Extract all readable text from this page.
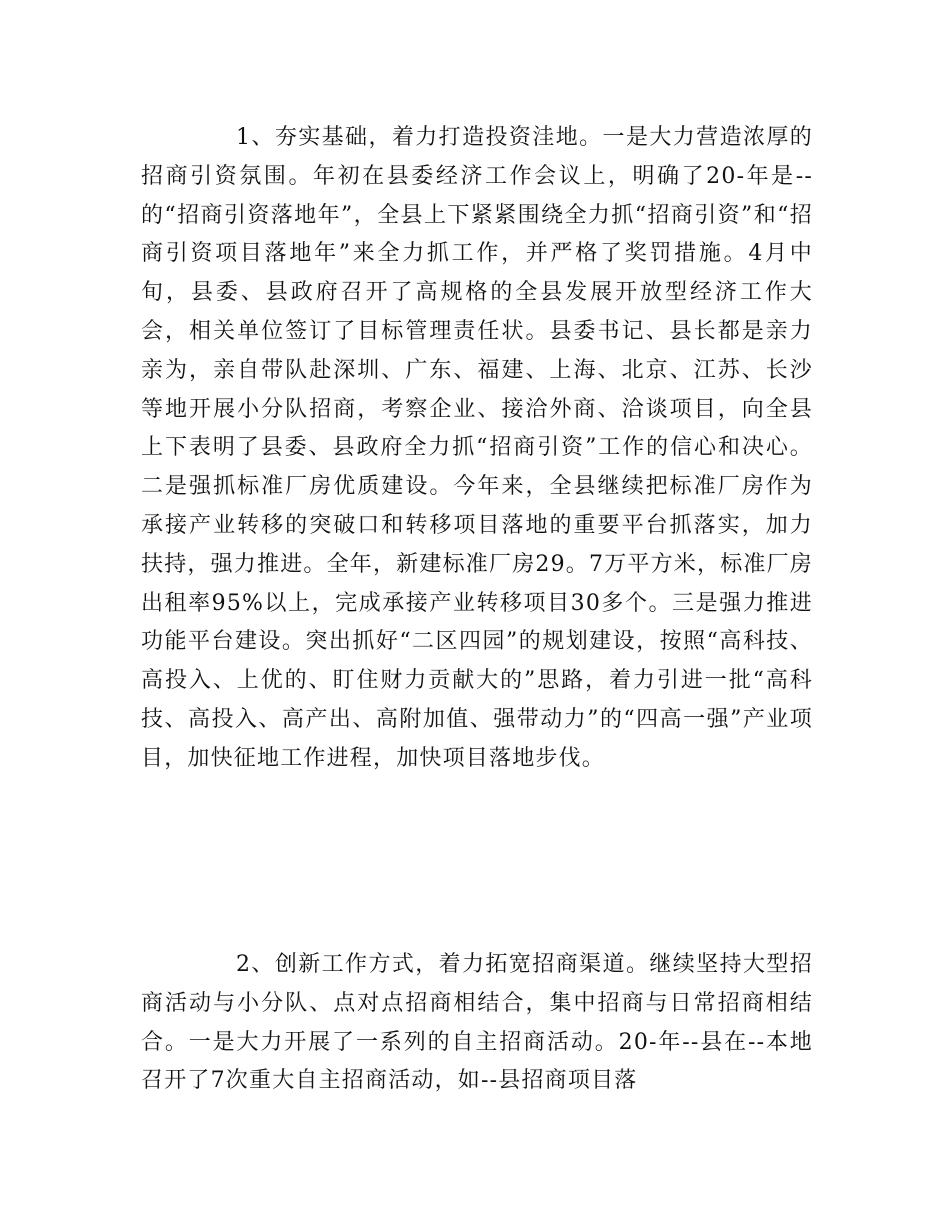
1、夯实基础，着力打造投资洼地。一是大力营造浓厚的招商引资氛围。年初在县委经济工作会议上，明确了20-年是--的“招商引资落地年”，全县上下紧紧围绕全力抓“招商引资”和“招商引资项目落地年”来全力抓工作，并严格了奖罚措施。4月中旬，县委、县政府召开了高规格的全县发展开放型经济工作大会，相关单位签订了目标管理责任状。县委书记、县长都是亲力亲为，亲自带队赴深圳、广东、福建、上海、北京、江苏、长沙等地开展小分队招商，考察企业、接洽外商、洽谈项目，向全县上下表明了县委、县政府全力抓“招商引资”工作的信心和决心。二是强抓标准厂房优质建设。今年来，全县继续把标准厂房作为承接产业转移的突破口和转移项目落地的重要平台抓落实，加力扶持，强力推进。全年，新建标准厂房29。7万平方米，标准厂房出租率95%以上，完成承接产业转移项目30多个。三是强力推进功能平台建设。突出抓好“二区四园”的规划建设，按照“高科技、高投入、上优的、盯住财力贡献大的”思路，着力引进一批“高科技、高投入、高产出、高附加值、强带动力”的“四高一强”产业项目，加快征地工作进程，加快项目落地步伐。

2、创新工作方式，着力拓宽招商渠道。继续坚持大型招商活动与小分队、点对点招商相结合，集中招商与日常招商相结合。一是大力开展了一系列的自主招商活动。20-年--县在--本地召开了7次重大自主招商活动，如--县招商项目落
